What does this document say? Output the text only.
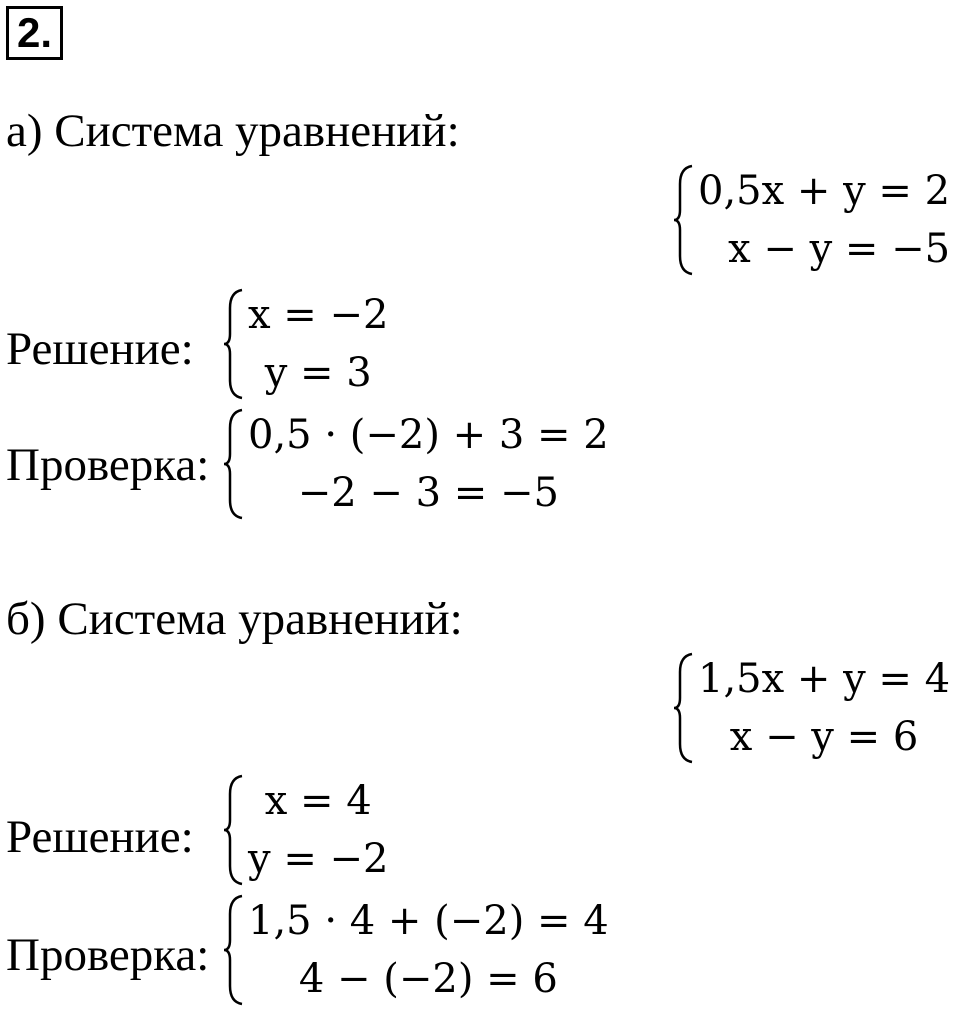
2.
а) Система уравнений:
0,5x + y = 2
x − y = −5
Решение:
x = −2
y = 3
Проверка:
0,5 · (−2) + 3 = 2
−2 − 3 = −5
б) Система уравнений:
1,5x + y = 4
x − y = 6
Решение:
x = 4
y = −2
Проверка:
1,5 · 4 + (−2) = 4
4 − (−2) = 6
